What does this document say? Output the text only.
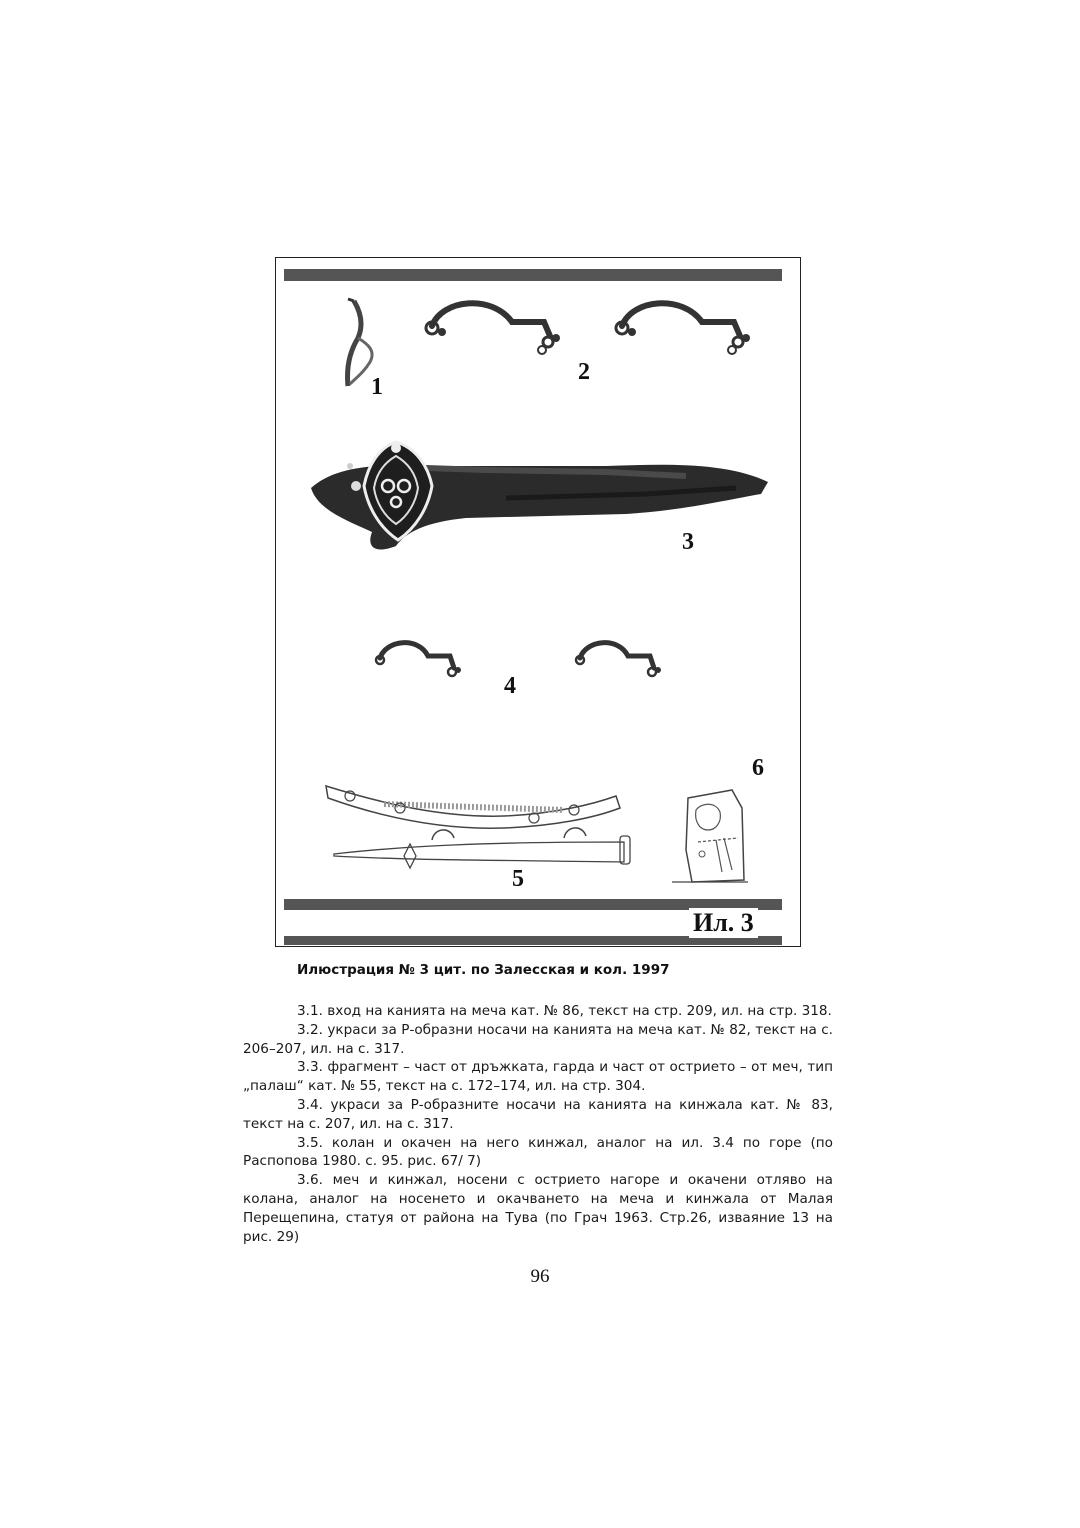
1
2
3
4
5
6
Ил. 3
Илюстрация № 3 цит. по Залесская и кол. 1997

3.1. вход на канията на меча кат. № 86, текст на стр. 209, ил. на стр. 318.

3.2. украси за Р-образни носачи на канията на меча кат. № 82, текст на с. 206–207, ил. на с. 317.

3.3. фрагмент – част от дръжката, гарда и част от острието – от меч, тип „палаш“ кат. № 55, текст на с. 172–174, ил. на стр. 304.

3.4. украси за Р-образните носачи на канията на кинжала кат. № 83, текст на с. 207, ил. на с. 317.

3.5. колан и окачен на него кинжал, аналог на ил. 3.4 по горе (по Распопова 1980. с. 95. рис. 67/ 7)

3.6. меч и кинжал, носени с острието нагоре и окачени отляво на колана, аналог на носенето и окачването на меча и кинжала от Малая Перещепина, статуя от района на Тува (по Грач 1963. Стр.26, изваяние 13 на рис. 29)

96
